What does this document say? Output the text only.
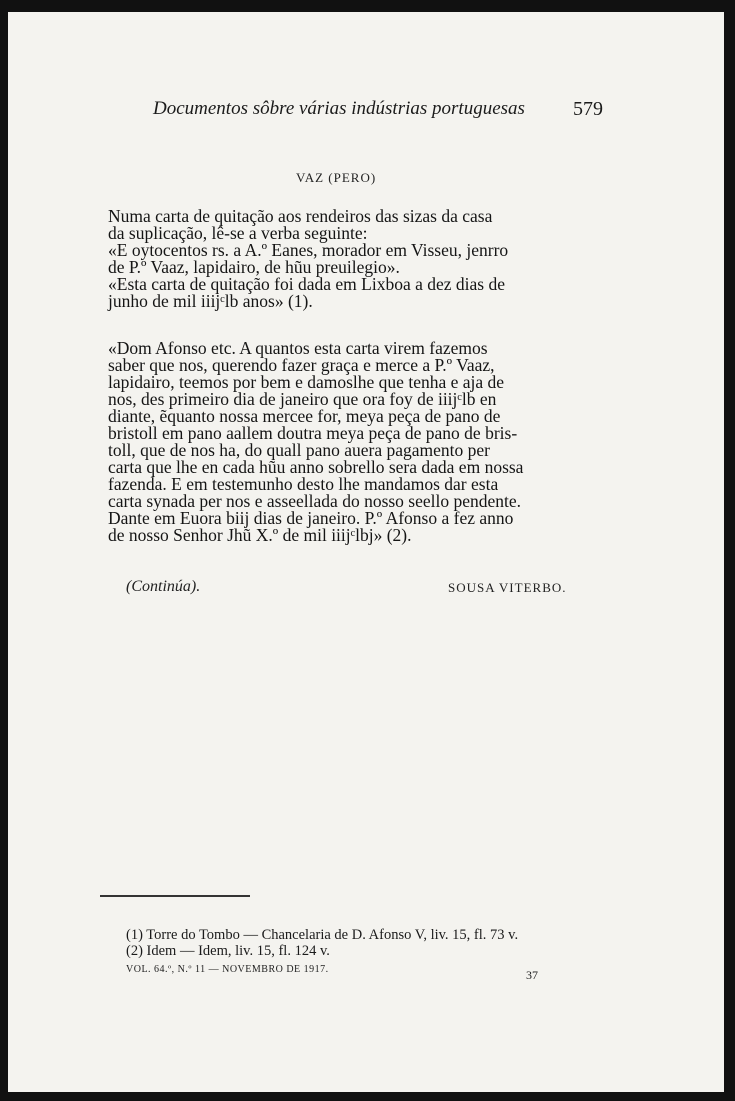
Documentos sôbre várias indústrias portuguesas 579
VAZ (PERO)
Numa carta de quitação aos rendeiros das sizas da casa
da suplicação, lê-se a verba seguinte:
«E oytocentos rs. a A.º Eanes, morador em Visseu, jenrro
de P.º Vaaz, lapidairo, de hũu preuilegio».
«Esta carta de quitação foi dada em Lixboa a dez dias de
junho de mil iiijᶜlb anos» (1).
«Dom Afonso etc. A quantos esta carta virem fazemos
saber que nos, querendo fazer graça e merce a P.º Vaaz,
lapidairo, teemos por bem e damoslhe que tenha e aja de
nos, des primeiro dia de janeiro que ora foy de iiijᶜlb en
diante, ẽquanto nossa mercee for, meya peça de pano de
bristoll em pano aallem doutra meya peça de pano de bris-
toll, que de nos ha, do quall pano auera pagamento per
carta que lhe en cada hũu anno sobrello sera dada em nossa
fazenda. E em testemunho desto lhe mandamos dar esta
carta synada per nos e asseellada do nosso seello pendente.
Dante em Euora biij dias de janeiro. P.º Afonso a fez anno
de nosso Senhor Jhũ X.º de mil iiijᶜlbj» (2).
(Continúa).	SOUSA VITERBO.
(1) Torre do Tombo — Chancelaria de D. Afonso V, liv. 15, fl. 73 v.
(2) Idem — Idem, liv. 15, fl. 124 v.
VOL. 64.º, N.º 11 — NOVEMBRO DE 1917.	37
